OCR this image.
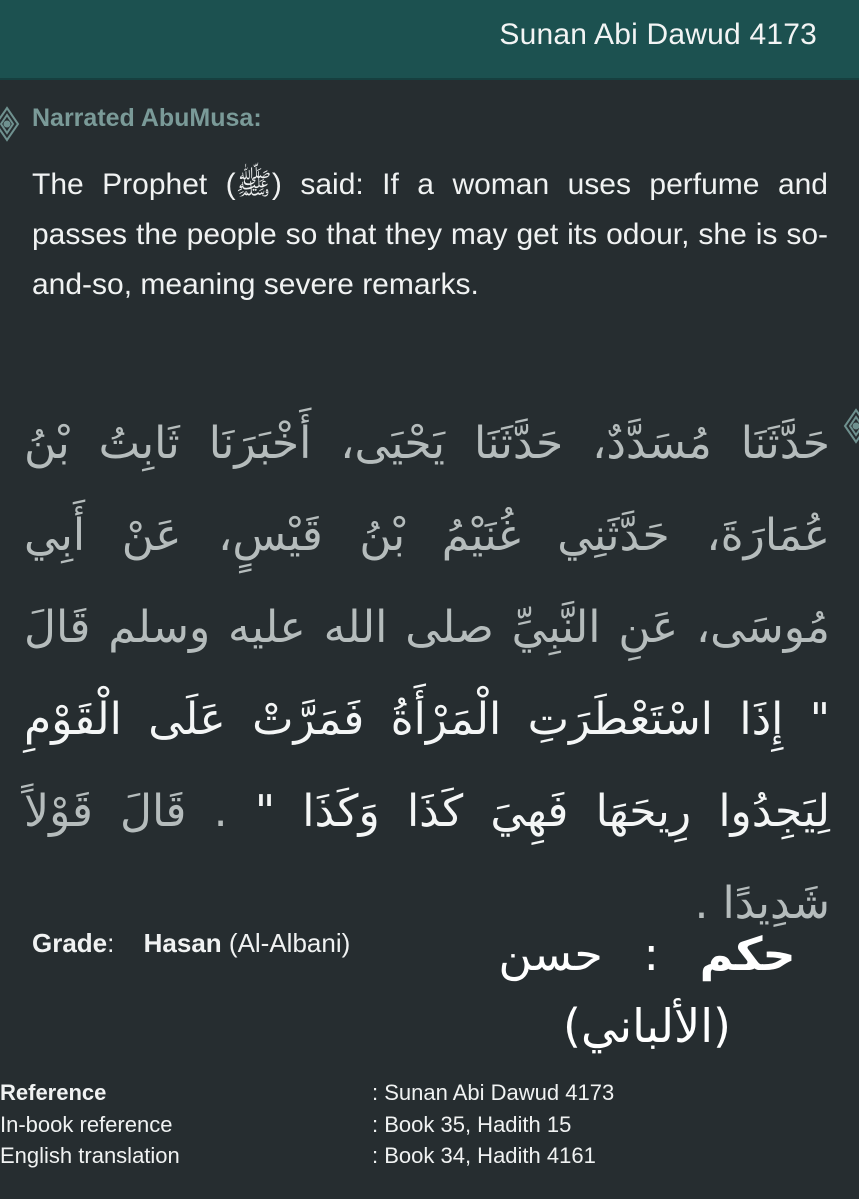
Sunan Abi Dawud 4173
Narrated AbuMusa:
The Prophet (ﷺ) said: If a woman uses perfume and passes the people so that they may get its odour, she is so-and-so, meaning severe remarks.
حَدَّثَنَا مُسَدَّدٌ، حَدَّثَنَا يَحْيَى، أَخْبَرَنَا ثَابِتُ بْنُ عُمَارَةَ، حَدَّثَنِي غُنَيْمُ بْنُ قَيْسٍ، عَنْ أَبِي مُوسَى، عَنِ النَّبِيِّ صلى الله عليه وسلم قَالَ " إِذَا اسْتَعْطَرَتِ الْمَرْأَةُ فَمَرَّتْ عَلَى الْقَوْمِ لِيَجِدُوا رِيحَهَا فَهِيَ كَذَا وَكَذَا " . قَالَ قَوْلاً شَدِيدًا .
Grade: Hasan (Al-Albani)	حكم : حسن
(الألباني)
Reference	: Sunan Abi Dawud 4173
In-book reference	: Book 35, Hadith 15
English translation	: Book 34, Hadith 4161
